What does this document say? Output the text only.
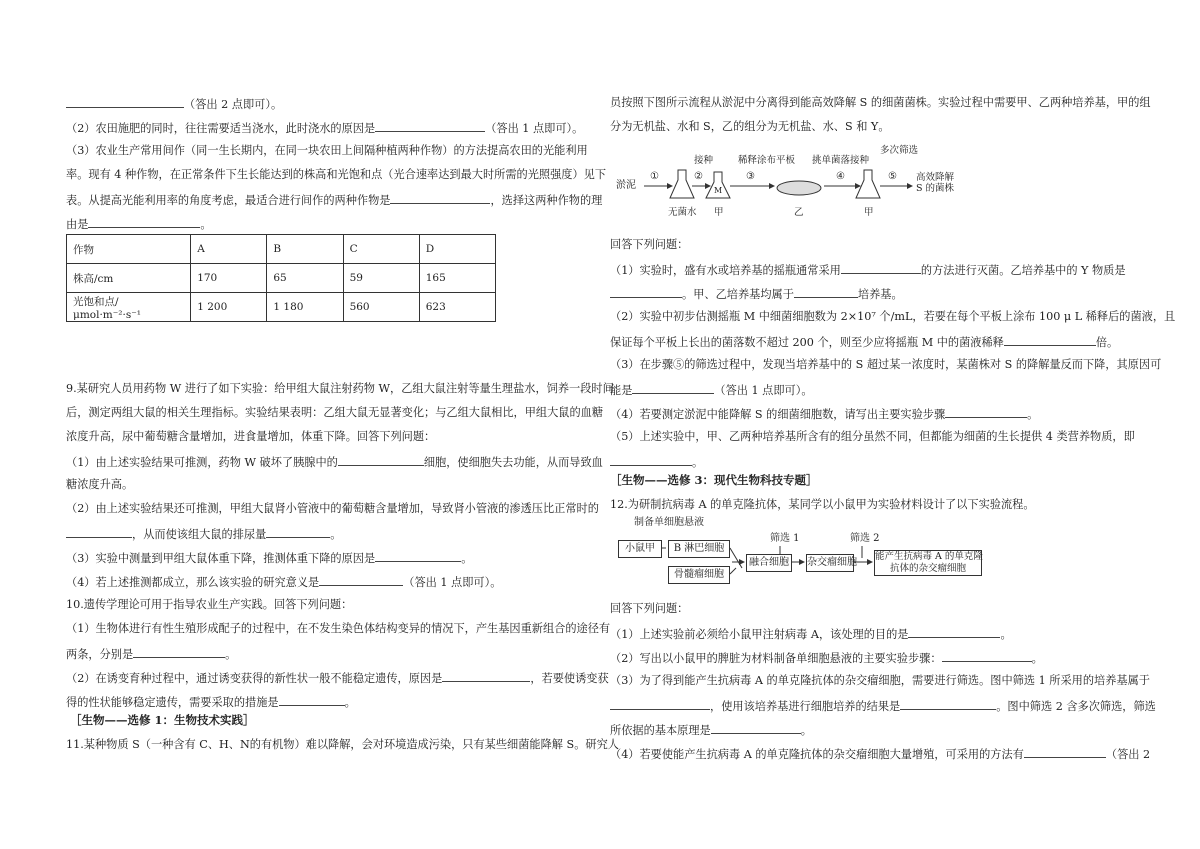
（答出 2 点即可）。
（2）农田施肥的同时，往往需要适当浇水，此时浇水的原因是	（答出 1 点即可）。
（3）农业生产常用间作（同一生长期内，在同一块农田上间隔种植两种作物）的方法提高农田的光能利用
率。现有 4 种作物，在正常条件下生长能达到的株高和光饱和点（光合速率达到最大时所需的光照强度）见下
表。从提高光能利用率的角度考虑，最适合进行间作的两种作物是	，选择这两种作物的理
由是	。
作物	A	B	C	D
株高/cm	170	65	59	165
光饱和点/μmol·m⁻²·s⁻¹	1 200	1 180	560	623
9.某研究人员用药物 W 进行了如下实验：给甲组大鼠注射药物 W，乙组大鼠注射等量生理盐水，饲养一段时间
后，测定两组大鼠的相关生理指标。实验结果表明：乙组大鼠无显著变化；与乙组大鼠相比，甲组大鼠的血糖
浓度升高，尿中葡萄糖含量增加，进食量增加，体重下降。回答下列问题：
（1）由上述实验结果可推测，药物 W 破坏了胰腺中的	细胞，使细胞失去功能，从而导致血
糖浓度升高。
（2）由上述实验结果还可推测，甲组大鼠肾小管液中的葡萄糖含量增加，导致肾小管液的渗透压比正常时的
，从而使该组大鼠的排尿量	。
（3）实验中测量到甲组大鼠体重下降，推测体重下降的原因是	。
（4）若上述推测都成立，那么该实验的研究意义是	（答出 1 点即可）。
10.遗传学理论可用于指导农业生产实践。回答下列问题：
（1）生物体进行有性生殖形成配子的过程中，在不发生染色体结构变异的情况下，产生基因重新组合的途径有
两条，分别是	。
（2）在诱变育种过程中，通过诱变获得的新性状一般不能稳定遗传，原因是	，若要使诱变获
得的性状能够稳定遗传，需要采取的措施是	。
［生物——选修 1：生物技术实践］
11.某种物质 S（一种含有 C、H、N的有机物）难以降解，会对环境造成污染，只有某些细菌能降解 S。研究人
员按照下图所示流程从淤泥中分离得到能高效降解 S 的细菌菌株。实验过程中需要甲、乙两种培养基，甲的组
分为无机盐、水和 S，乙的组分为无机盐、水、S 和 Y。
淤泥
①	②	③	④	⑤
接种	稀释涂布平板 挑单菌落接种
多次筛选
M
无菌水 甲	乙	甲
高效降解
S 的菌株
回答下列问题：
（1）实验时，盛有水或培养基的摇瓶通常采用	的方法进行灭菌。乙培养基中的 Y 物质是
。甲、乙培养基均属于	培养基。
（2）实验中初步估测摇瓶 M 中细菌细胞数为 2×10⁷ 个/mL，若要在每个平板上涂布 100 μ L 稀释后的菌液，且
保证每个平板上长出的菌落数不超过 200 个，则至少应将摇瓶 M 中的菌液稀释	倍。
（3）在步骤⑤的筛选过程中，发现当培养基中的 S 超过某一浓度时，某菌株对 S 的降解量反而下降，其原因可
能是	（答出 1 点即可）。
（4）若要测定淤泥中能降解 S 的细菌细胞数，请写出主要实验步骤	。
（5）上述实验中，甲、乙两种培养基所含有的组分虽然不同，但都能为细菌的生长提供 4 类营养物质，即
。
［生物——选修 3：现代生物科技专题］
12.为研制抗病毒 A 的单克隆抗体，某同学以小鼠甲为实验材料设计了以下实验流程。
制备单细胞悬液
小鼠甲	B 淋巴细胞
骨髓瘤细胞
融合细胞
筛选 1
杂交瘤细胞
筛选 2
能产生抗病毒 A 的单克隆
抗体的杂交瘤细胞
回答下列问题：
（1）上述实验前必须给小鼠甲注射病毒 A，该处理的目的是	。
（2）写出以小鼠甲的脾脏为材料制备单细胞悬液的主要实验步骤：	。
（3）为了得到能产生抗病毒 A 的单克隆抗体的杂交瘤细胞，需要进行筛选。图中筛选 1 所采用的培养基属于
，使用该培养基进行细胞培养的结果是	。图中筛选 2 含多次筛选，筛选
所依据的基本原理是	。
（4）若要使能产生抗病毒 A 的单克隆抗体的杂交瘤细胞大量增殖，可采用的方法有	（答出 2
